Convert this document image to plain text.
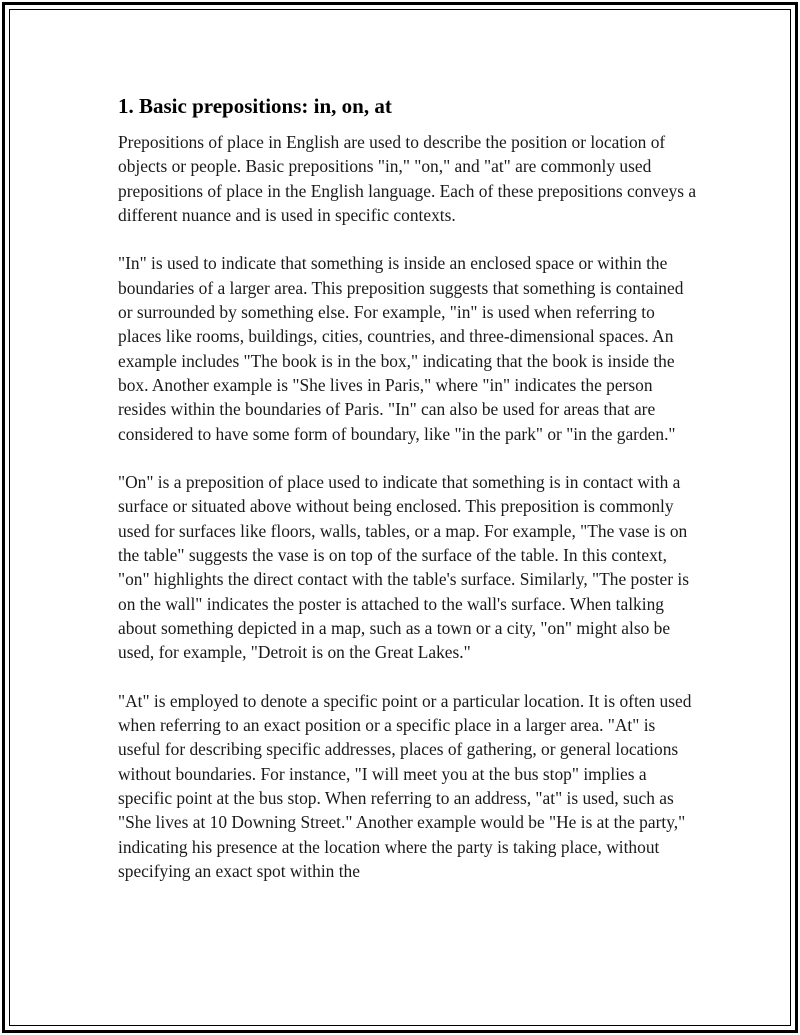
1. Basic prepositions: in, on, at

Prepositions of place in English are used to describe the position or location of objects or people. Basic prepositions "in," "on," and "at" are commonly used prepositions of place in the English language. Each of these prepositions conveys a different nuance and is used in specific contexts.

"In" is used to indicate that something is inside an enclosed space or within the boundaries of a larger area. This preposition suggests that something is contained or surrounded by something else. For example, "in" is used when referring to places like rooms, buildings, cities, countries, and three-dimensional spaces. An example includes "The book is in the box," indicating that the book is inside the box. Another example is "She lives in Paris," where "in" indicates the person resides within the boundaries of Paris. "In" can also be used for areas that are considered to have some form of boundary, like "in the park" or "in the garden."

"On" is a preposition of place used to indicate that something is in contact with a surface or situated above without being enclosed. This preposition is commonly used for surfaces like floors, walls, tables, or a map. For example, "The vase is on the table" suggests the vase is on top of the surface of the table. In this context, "on" highlights the direct contact with the table's surface. Similarly, "The poster is on the wall" indicates the poster is attached to the wall's surface. When talking about something depicted in a map, such as a town or a city, "on" might also be used, for example, "Detroit is on the Great Lakes."

"At" is employed to denote a specific point or a particular location. It is often used when referring to an exact position or a specific place in a larger area. "At" is useful for describing specific addresses, places of gathering, or general locations without boundaries. For instance, "I will meet you at the bus stop" implies a specific point at the bus stop. When referring to an address, "at" is used, such as "She lives at 10 Downing Street." Another example would be "He is at the party," indicating his presence at the location where the party is taking place, without specifying an exact spot within the
